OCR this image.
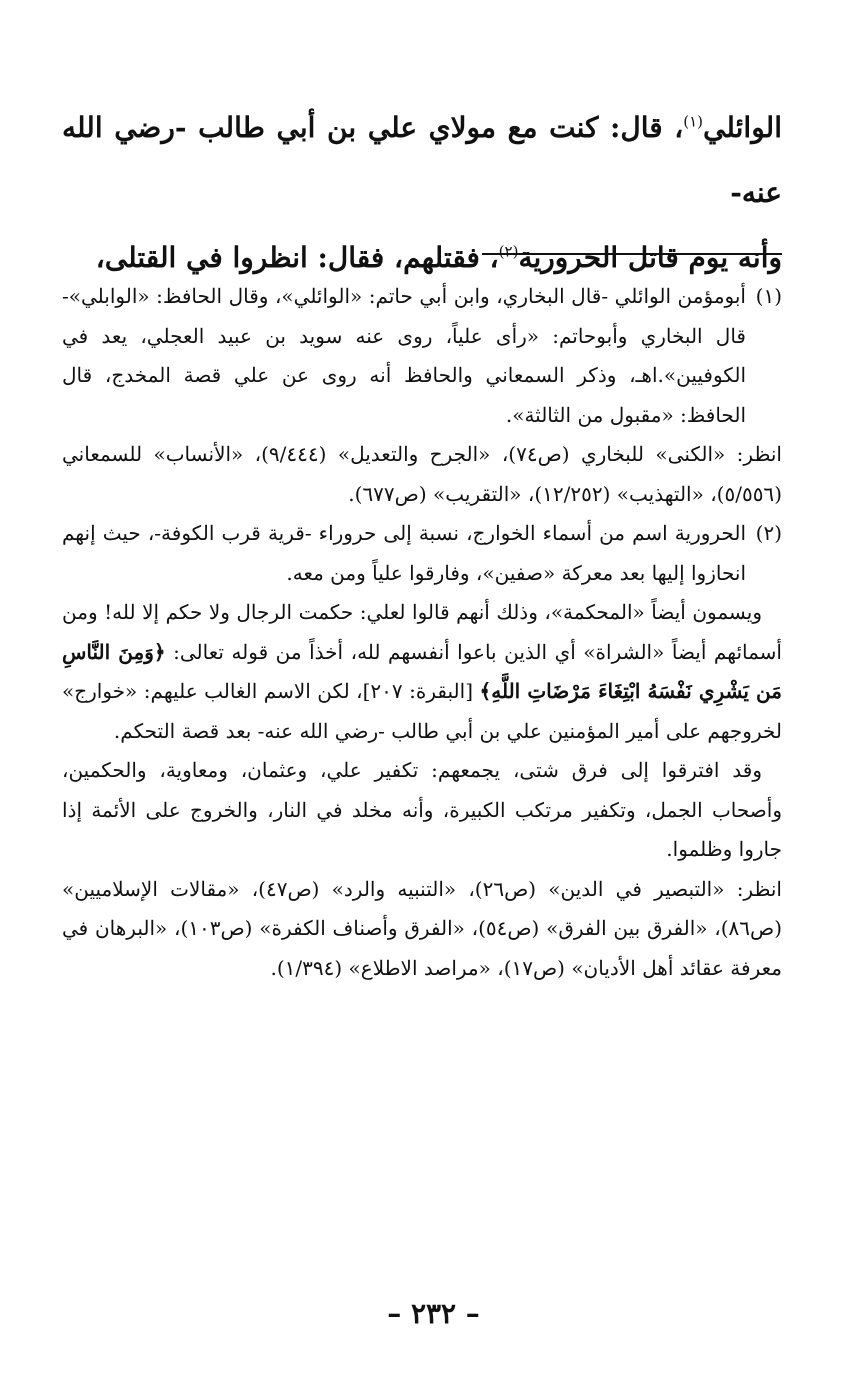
الوائلي$^{(١)}$، قال: كنت مع مولاي علي بن أبي طالب -رضي الله عنه-

وأنه يوم قاتل الحرورية$^{(٢)}$، فقتلهم، فقال: انظروا في القتلى،

(١)أبومؤمن الوائلي -قال البخاري، وابن أبي حاتم: «الوائلي»، وقال الحافظ: «الوابلي»- قال البخاري وأبوحاتم: «رأى علياً، روى عنه سويد بن عبيد العجلي، يعد في الكوفيين».اهـ، وذكر السمعاني والحافظ أنه روى عن علي قصة المخدج، قال الحافظ: «مقبول من الثالثة».

انظر: «الكنى» للبخاري (ص٧٤)، «الجرح والتعديل» (٩/٤٤٤)، «الأنساب» للسمعاني (٥/٥٥٦)، «التهذيب» (١٢/٢٥٢)، «التقريب» (ص٦٧٧).

(٢)الحرورية اسم من أسماء الخوارج، نسبة إلى حروراء -قرية قرب الكوفة-، حيث إنهم انحازوا إليها بعد معركة «صفين»، وفارقوا علياً ومن معه.

ويسمون أيضاً «المحكمة»، وذلك أنهم قالوا لعلي: حكمت الرجال ولا حكم إلا لله! ومن أسمائهم أيضاً «الشراة» أي الذين باعوا أنفسهم لله، أخذاً من قوله تعالى: ﴿وَمِنَ النَّاسِ مَن يَشْرِي نَفْسَهُ ابْتِغَاءَ مَرْضَاتِ اللَّهِ﴾ [البقرة: ٢٠٧]، لكن الاسم الغالب عليهم: «خوارج» لخروجهم على أمير المؤمنين علي بن أبي طالب -رضي الله عنه- بعد قصة التحكم.

وقد افترقوا إلى فرق شتى، يجمعهم: تكفير علي، وعثمان، ومعاوية، والحكمين، وأصحاب الجمل، وتكفير مرتكب الكبيرة، وأنه مخلد في النار، والخروج على الأئمة إذا جاروا وظلموا.

انظر: «التبصير في الدين» (ص٢٦)، «التنبيه والرد» (ص٤٧)، «مقالات الإسلاميين» (ص٨٦)، «الفرق بين الفرق» (ص٥٤)، «الفرق وأصناف الكفرة» (ص١٠٣)، «البرهان في معرفة عقائد أهل الأديان» (ص١٧)، «مراصد الاطلاع» (١/٣٩٤).

– ٢٣٢ –
